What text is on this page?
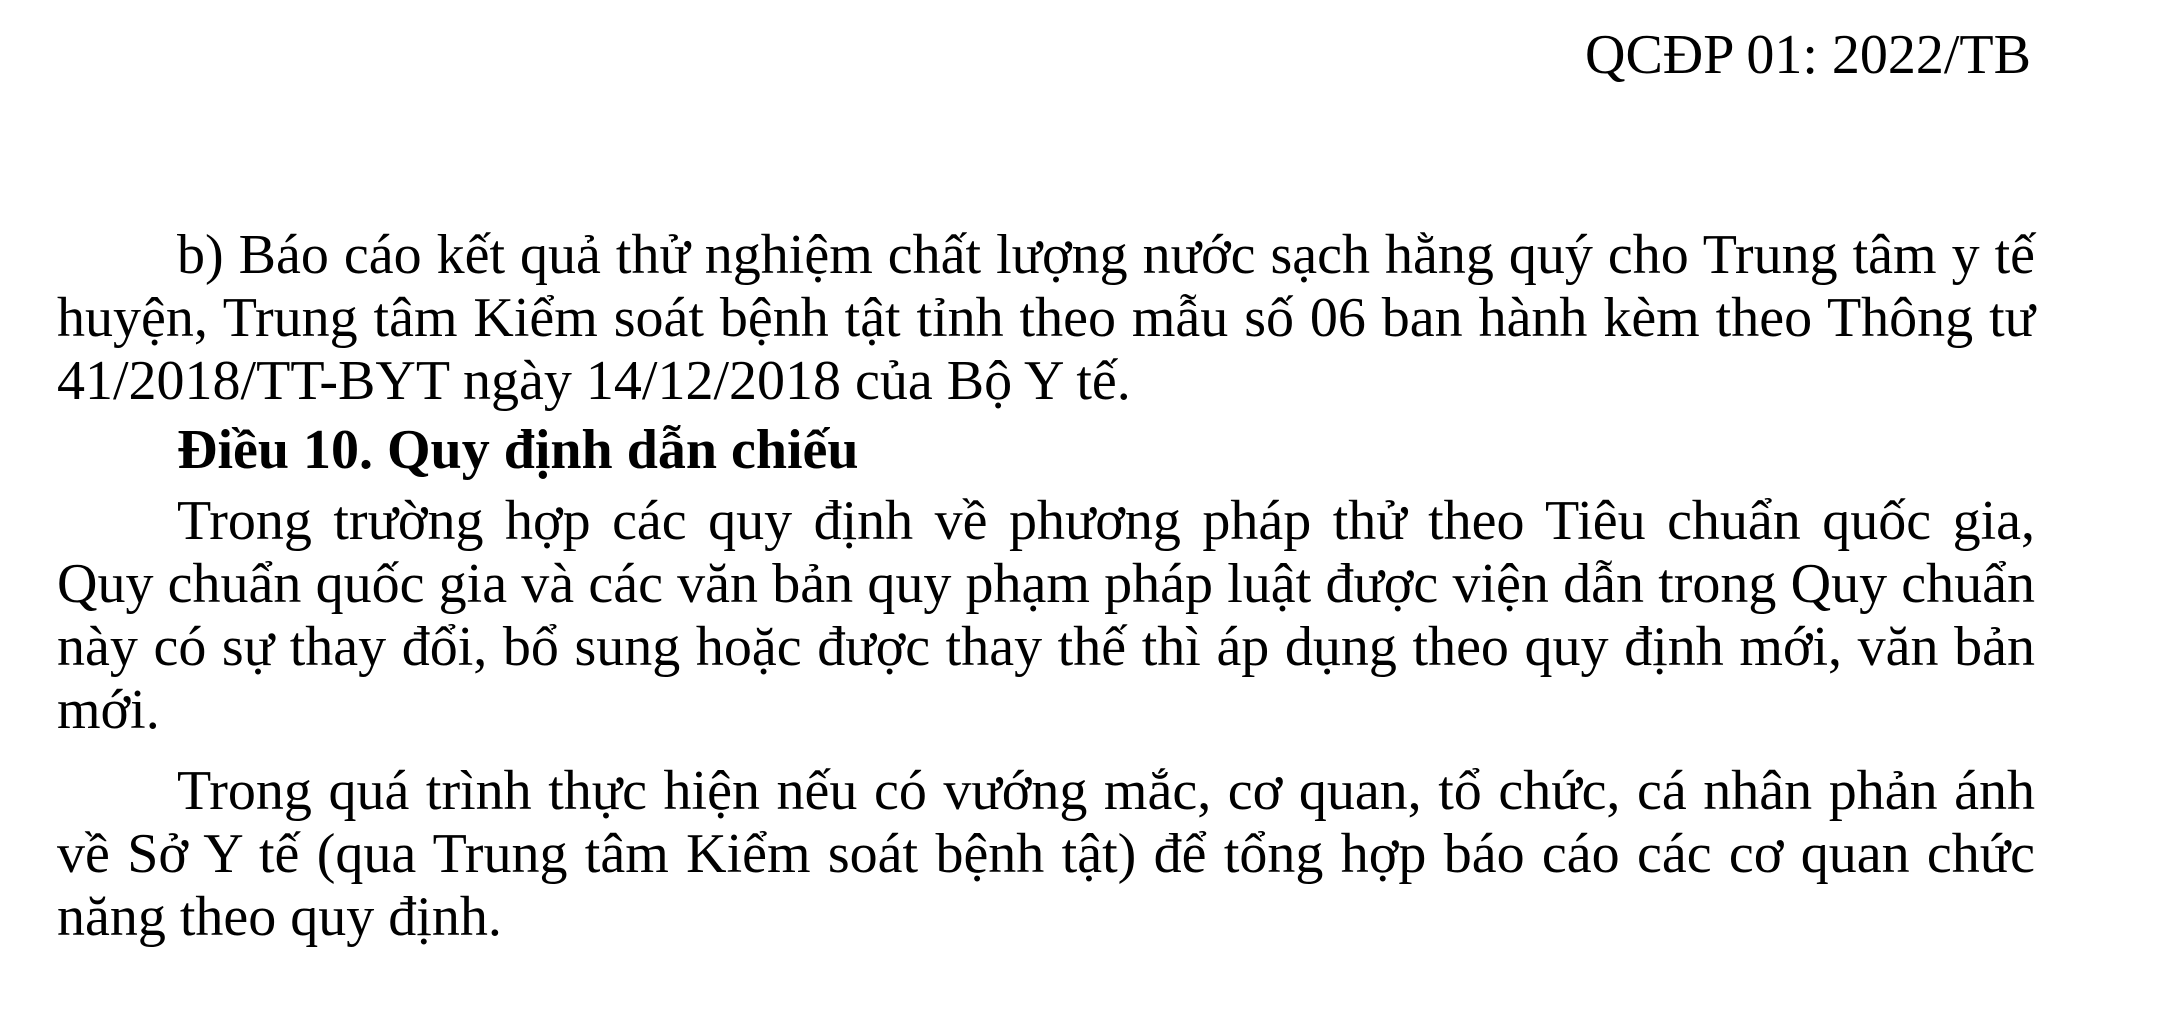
QCĐP 01: 2022/TB

b) Báo cáo kết quả thử nghiệm chất lượng nước sạch hằng quý cho Trung tâm y tế huyện, Trung tâm Kiểm soát bệnh tật tỉnh theo mẫu số 06 ban hành kèm theo Thông tư 41/2018/TT-BYT ngày 14/12/2018 của Bộ Y tế.

Điều 10. Quy định dẫn chiếu

Trong trường hợp các quy định về phương pháp thử theo Tiêu chuẩn quốc gia, Quy chuẩn quốc gia và các văn bản quy phạm pháp luật được viện dẫn trong Quy chuẩn này có sự thay đổi, bổ sung hoặc được thay thế thì áp dụng theo quy định mới, văn bản mới.

Trong quá trình thực hiện nếu có vướng mắc, cơ quan, tổ chức, cá nhân phản ánh về Sở Y tế (qua Trung tâm Kiểm soát bệnh tật) để tổng hợp báo cáo các cơ quan chức năng theo quy định.
